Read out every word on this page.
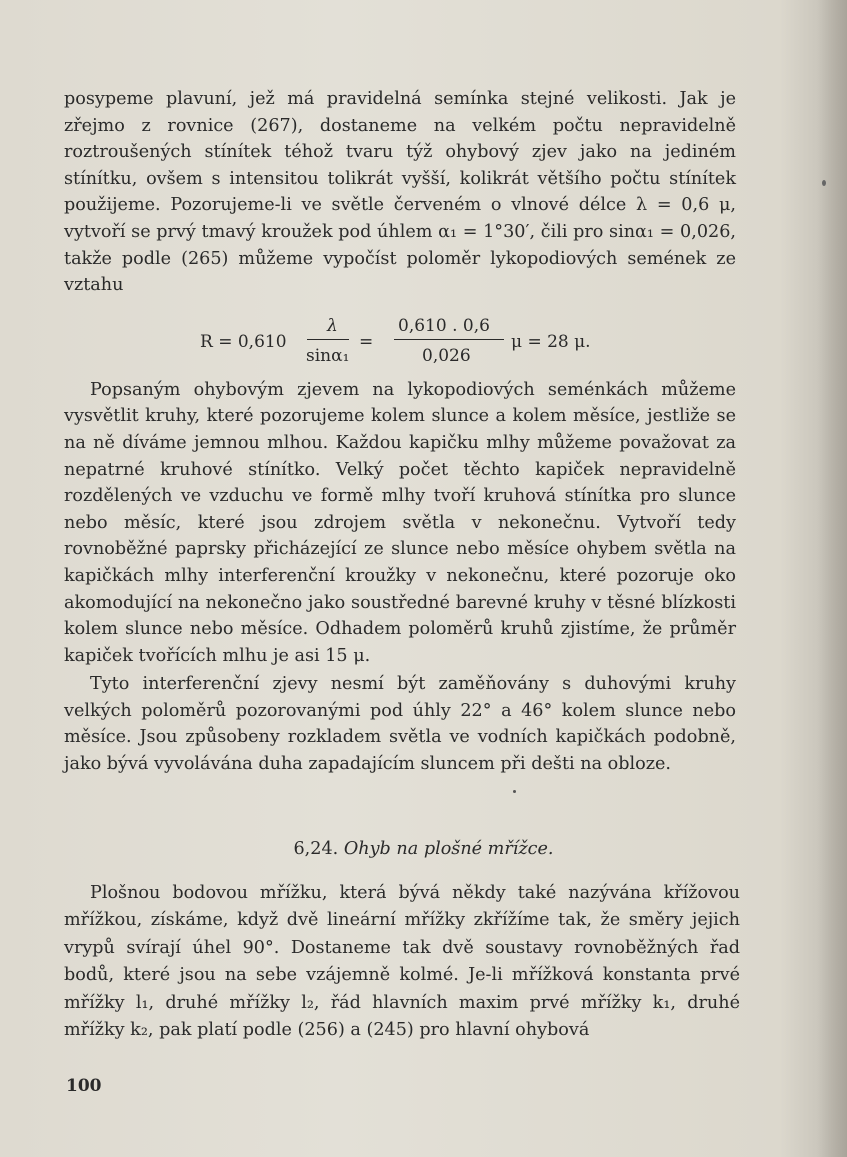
posypeme plavuní, jež má pravidelná semínka stejné velikosti. Jak je zřejmo z rovnice (267), dostaneme na velkém počtu nepravidelně roztroušených stínítek téhož tvaru týž ohybový zjev jako na jediném stínítku, ovšem s intensitou tolikrát vyšší, kolikrát většího počtu stínítek použijeme. Pozorujeme-li ve světle červeném o vlnové délce λ = 0,6 μ, vytvoří se prvý tmavý kroužek pod úhlem α₁ = 1°30′, čili pro sinα₁ = 0,026, takže podle (265) můžeme vypočíst poloměr lykopodiových semének ze vztahu

R = 0,610
λ
sinα₁
=
0,610 . 0,6
0,026
μ = 28 μ.

Popsaným ohybovým zjevem na lykopodiových seménkách můžeme vysvětlit kruhy, které pozorujeme kolem slunce a kolem měsíce, jestliže se na ně díváme jemnou mlhou. Každou kapičku mlhy můžeme považovat za nepatrné kruhové stínítko. Velký počet těchto kapiček nepravidelně rozdělených ve vzduchu ve formě mlhy tvoří kruhová stínítka pro slunce nebo měsíc, které jsou zdrojem světla v nekonečnu. Vytvoří tedy rovnoběžné paprsky přicházející ze slunce nebo měsíce ohybem světla na kapičkách mlhy interferenční kroužky v nekonečnu, které pozoruje oko akomodující na nekonečno jako soustředné barevné kruhy v těsné blízkosti kolem slunce nebo měsíce. Odhadem poloměrů kruhů zjistíme, že průměr kapiček tvořících mlhu je asi 15 μ.

Tyto interferenční zjevy nesmí být zaměňovány s duhovými kruhy velkých poloměrů pozorovanými pod úhly 22° a 46° kolem slunce nebo měsíce. Jsou způsobeny rozkladem světla ve vodních kapičkách podobně, jako bývá vyvolávána duha zapadajícím sluncem při dešti na obloze.

6,24. Ohyb na plošné mřížce.

Plošnou bodovou mřížku, která bývá někdy také nazývána křížovou mřížkou, získáme, když dvě lineární mřížky zkřížíme tak, že směry jejich vrypů svírají úhel 90°. Dostaneme tak dvě soustavy rovnoběžných řad bodů, které jsou na sebe vzájemně kolmé. Je-li mřížková konstanta prvé mřížky l₁, druhé mřížky l₂, řád hlavních maxim prvé mřížky k₁, druhé mřížky k₂, pak platí podle (256) a (245) pro hlavní ohybová

100
